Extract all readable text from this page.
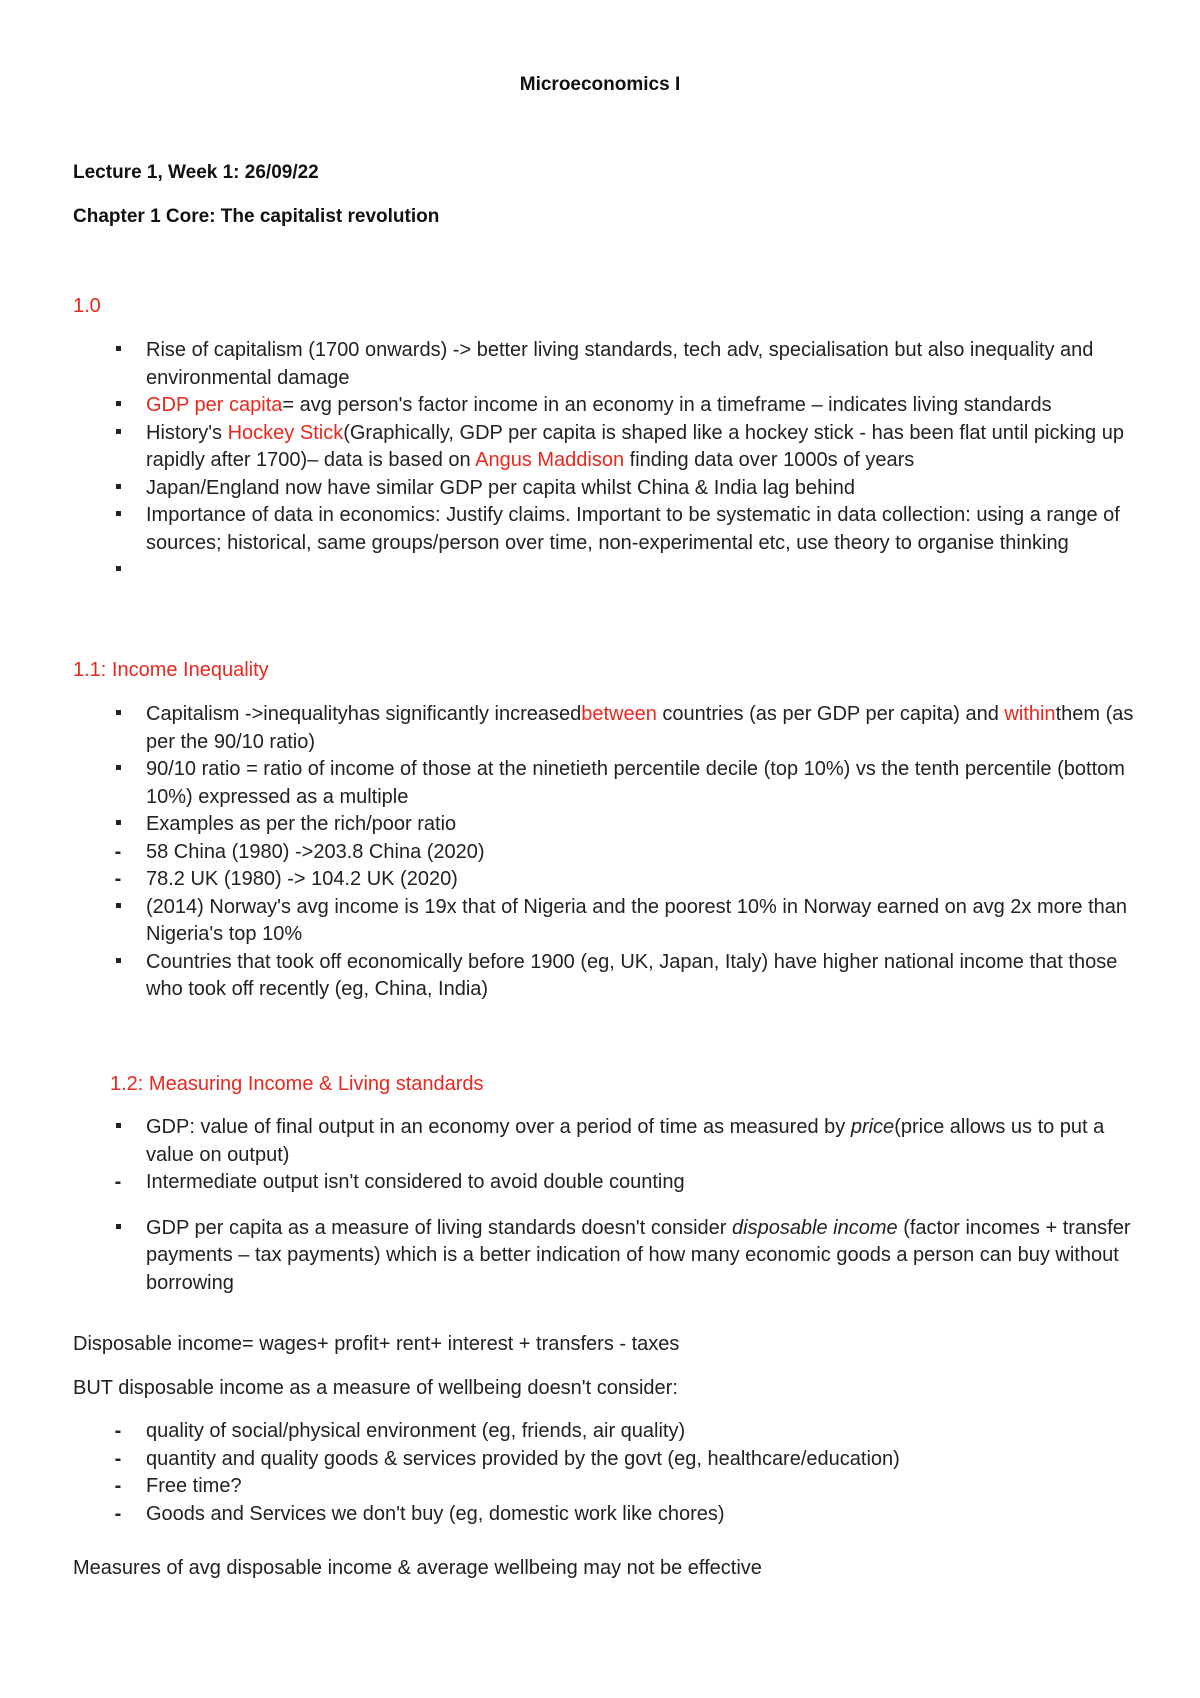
Microeconomics I
Lecture 1, Week 1: 26/09/22
Chapter 1 Core: The capitalist revolution
1.0
Rise of capitalism (1700 onwards) -> better living standards, tech adv, specialisation but also inequality and environmental damage
GDP per capita= avg person's factor income in an economy in a timeframe – indicates living standards
History's Hockey Stick(Graphically, GDP per capita is shaped like a hockey stick - has been flat until picking up rapidly after 1700)– data is based on Angus Maddison finding data over 1000s of years
Japan/England now have similar GDP per capita whilst China & India lag behind
Importance of data in economics: Justify claims. Important to be systematic in data collection: using a range of sources; historical, same groups/person over time, non-experimental etc, use theory to organise thinking

1.1: Income Inequality
Capitalism ->inequalityhas significantly increasedbetween countries (as per GDP per capita) and withinthem (as per the 90/10 ratio)
90/10 ratio = ratio of income of those at the ninetieth percentile decile (top 10%) vs the tenth percentile (bottom 10%) expressed as a multiple
Examples as per the rich/poor ratio
- 58 China (1980) ->203.8 China (2020)
- 78.2 UK (1980) -> 104.2 UK (2020)
(2014) Norway's avg income is 19x that of Nigeria and the poorest 10% in Norway earned on avg 2x more than Nigeria's top 10%
Countries that took off economically before 1900 (eg, UK, Japan, Italy) have higher national income that those who took off recently (eg, China, India)
1.2: Measuring Income & Living standards
GDP: value of final output in an economy over a period of time as measured by price(price allows us to put a value on output)
- Intermediate output isn't considered to avoid double counting
GDP per capita as a measure of living standards doesn't consider disposable income (factor incomes + transfer payments – tax payments) which is a better indication of how many economic goods a person can buy without borrowing
Disposable income= wages+ profit+ rent+ interest + transfers - taxes
BUT disposable income as a measure of wellbeing doesn't consider:
- quality of social/physical environment (eg, friends, air quality)
- quantity and quality goods & services provided by the govt (eg, healthcare/education)
- Free time?
- Goods and Services we don't buy (eg, domestic work like chores)
Measures of avg disposable income & average wellbeing may not be effective
